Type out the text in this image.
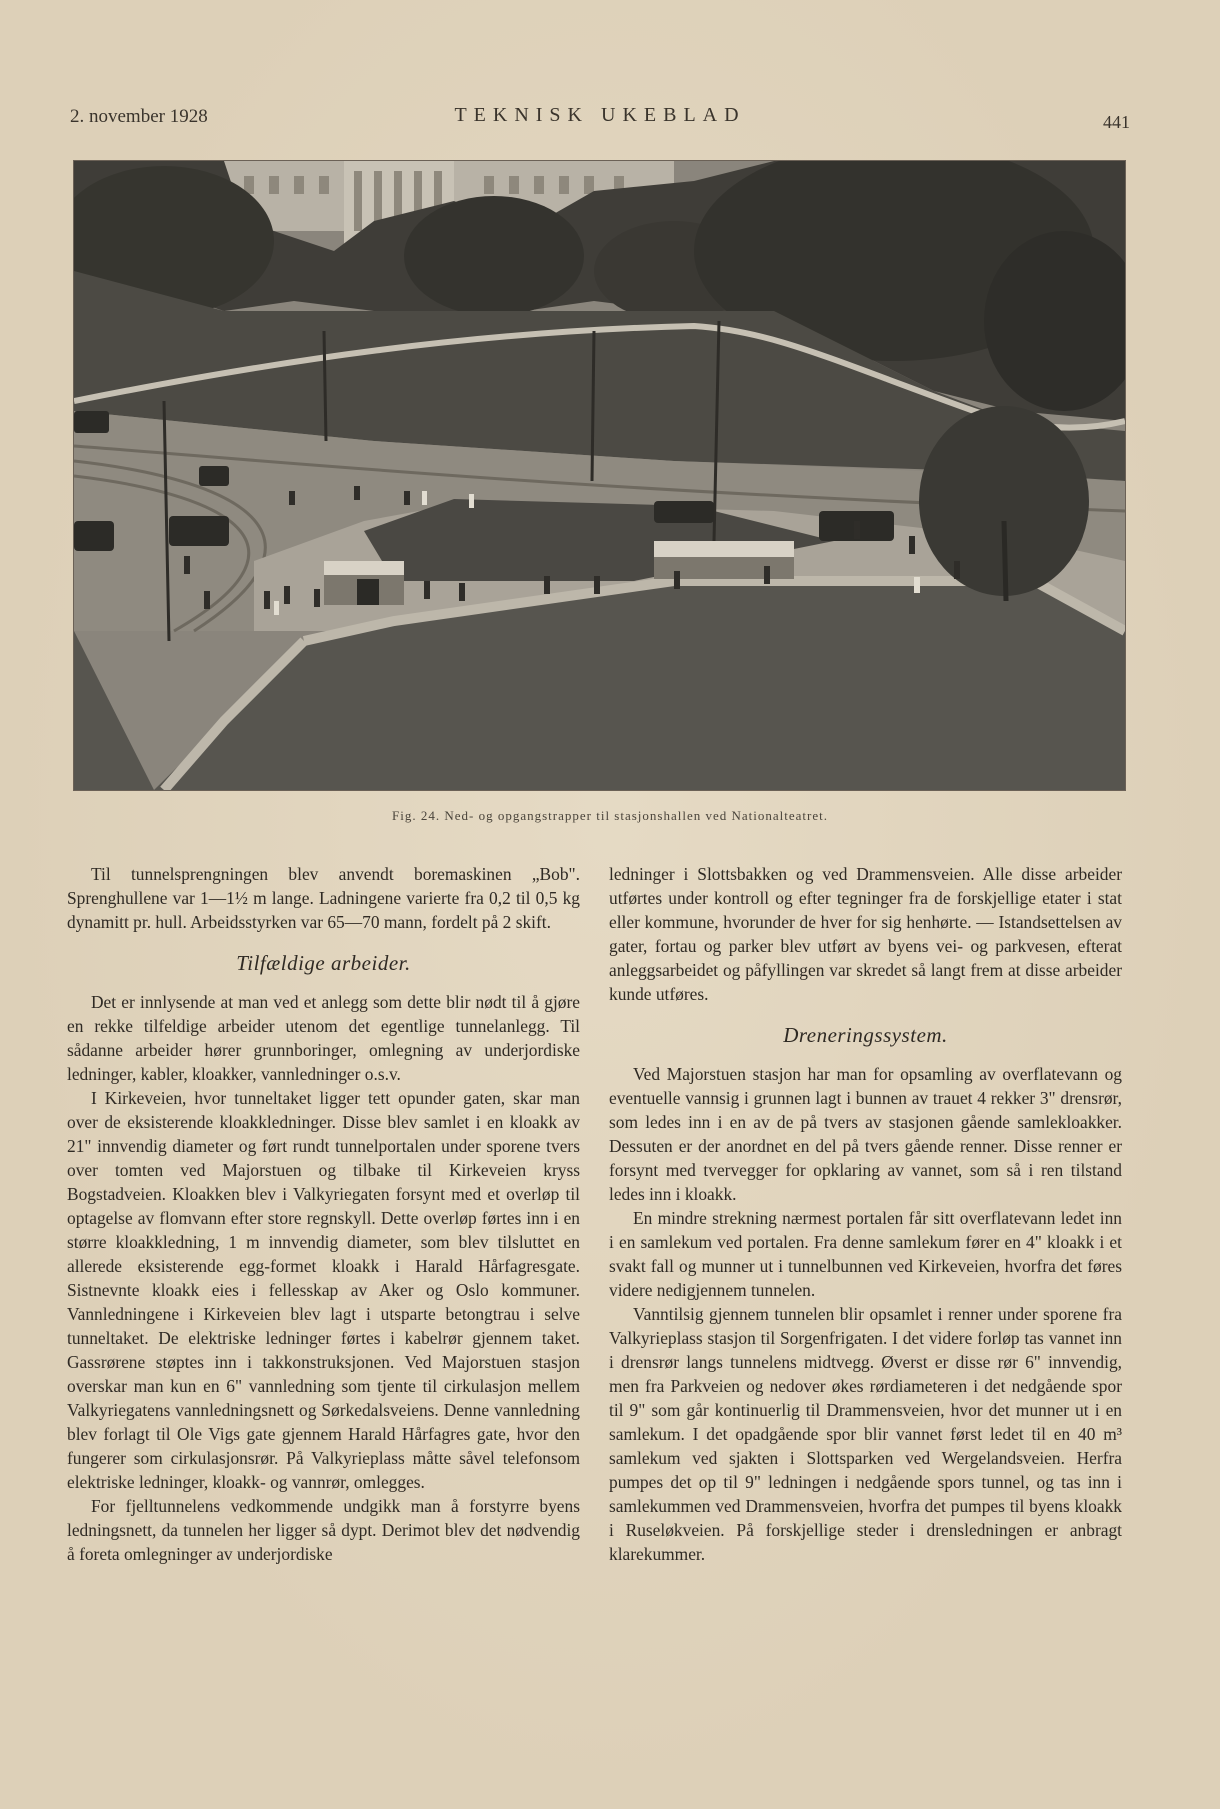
2. november 1928	TEKNISK UKEBLAD	441
Fig. 24. Ned- og opgangstrapper til stasjonshallen ved Nationalteatret.

Til tunnelsprengningen blev anvendt boremaskinen „Bob". Sprenghullene var 1—1½ m lange. Ladningene varierte fra 0,2 til 0,5 kg dynamitt pr. hull. Arbeidsstyrken var 65—70 mann, fordelt på 2 skift.

Tilfældige arbeider.

Det er innlysende at man ved et anlegg som dette blir nødt til å gjøre en rekke tilfeldige arbeider utenom det egentlige tunnelanlegg. Til sådanne arbeider hører grunnboringer, omlegning av underjordiske ledninger, kabler, kloakker, vannledninger o.s.v.

I Kirkeveien, hvor tunneltaket ligger tett opunder gaten, skar man over de eksisterende kloakkledninger. Disse blev samlet i en kloakk av 21" innvendig diameter og ført rundt tunnelportalen under sporene tvers over tomten ved Majorstuen og tilbake til Kirkeveien kryss Bogstadveien. Kloakken blev i Valkyriegaten forsynt med et overløp til optagelse av flomvann efter store regnskyll. Dette overløp førtes inn i en større kloakkledning, 1 m innvendig diameter, som blev tilsluttet en allerede eksisterende egg-formet kloakk i Harald Hårfagresgate. Sistnevnte kloakk eies i fellesskap av Aker og Oslo kommuner. Vannledningene i Kirkeveien blev lagt i utsparte betongtrau i selve tunneltaket. De elektriske ledninger førtes i kabelrør gjennem taket. Gassrørene støptes inn i takkonstruksjonen. Ved Majorstuen stasjon overskar man kun en 6" vannledning som tjente til cirkulasjon mellem Valkyriegatens vannledningsnett og Sørkedalsveiens. Denne vannledning blev forlagt til Ole Vigs gate gjennem Harald Hårfagres gate, hvor den fungerer som cirkulasjonsrør. På Valkyrieplass måtte såvel telefonsom elektriske ledninger, kloakk- og vannrør, omlegges.

For fjelltunnelens vedkommende undgikk man å forstyrre byens ledningsnett, da tunnelen her ligger så dypt. Derimot blev det nødvendig å foreta omlegninger av underjordiske

ledninger i Slottsbakken og ved Drammensveien. Alle disse arbeider utførtes under kontroll og efter tegninger fra de forskjellige etater i stat eller kommune, hvorunder de hver for sig henhørte. — Istandsettelsen av gater, fortau og parker blev utført av byens vei- og parkvesen, efterat anleggsarbeidet og påfyllingen var skredet så langt frem at disse arbeider kunde utføres.

Dreneringssystem.

Ved Majorstuen stasjon har man for opsamling av overflatevann og eventuelle vannsig i grunnen lagt i bunnen av trauet 4 rekker 3" drensrør, som ledes inn i en av de på tvers av stasjonen gående samlekloakker. Dessuten er der anordnet en del på tvers gående renner. Disse renner er forsynt med tvervegger for opklaring av vannet, som så i ren tilstand ledes inn i kloakk.

En mindre strekning nærmest portalen får sitt overflatevann ledet inn i en samlekum ved portalen. Fra denne samlekum fører en 4" kloakk i et svakt fall og munner ut i tunnelbunnen ved Kirkeveien, hvorfra det føres videre nedigjennem tunnelen.

Vanntilsig gjennem tunnelen blir opsamlet i renner under sporene fra Valkyrieplass stasjon til Sorgenfrigaten. I det videre forløp tas vannet inn i drensrør langs tunnelens midtvegg. Øverst er disse rør 6" innvendig, men fra Parkveien og nedover økes rørdiameteren i det nedgående spor til 9" som går kontinuerlig til Drammensveien, hvor det munner ut i en samlekum. I det opadgående spor blir vannet først ledet til en 40 m³ samlekum ved sjakten i Slottsparken ved Wergelandsveien. Herfra pumpes det op til 9" ledningen i nedgående spors tunnel, og tas inn i samlekummen ved Drammensveien, hvorfra det pumpes til byens kloakk i Ruseløkveien. På forskjellige steder i drensledningen er anbragt klarekummer.
